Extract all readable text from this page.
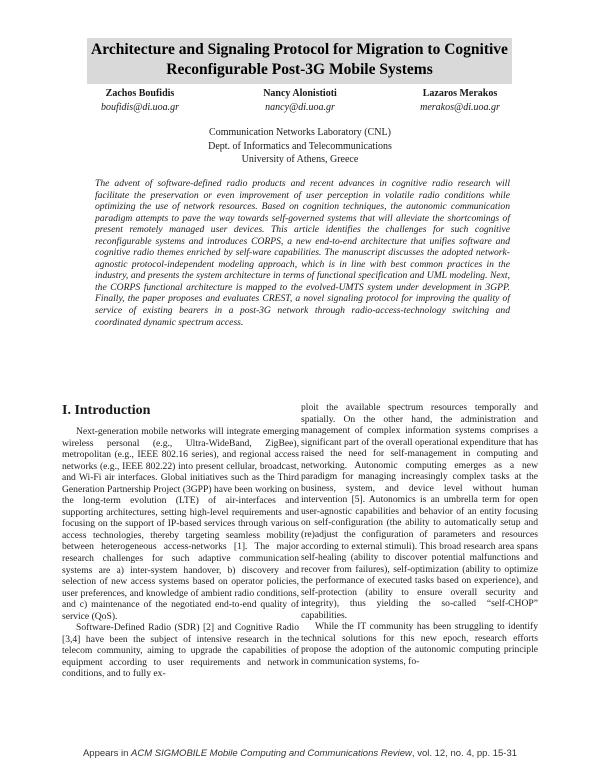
Architecture and Signaling Protocol for Migration to Cognitive Reconfigurable Post-3G Mobile Systems
Zachos Boufidis
boufidis@di.uoa.gr
Nancy Alonistioti
nancy@di.uoa.gr
Lazaros Merakos
merakos@di.uoa.gr
Communication Networks Laboratory (CNL)
Dept. of Informatics and Telecommunications
University of Athens, Greece

The advent of software-defined radio products and recent advances in cognitive radio research will facilitate the preservation or even improvement of user perception in volatile radio conditions while optimizing the use of network resources. Based on cognition techniques, the autonomic communication paradigm attempts to pave the way towards self-governed systems that will alleviate the shortcomings of present remotely managed user devices. This article identifies the challenges for such cognitive reconfigurable systems and introduces CORPS, a new end-to-end architecture that unifies software and cognitive radio themes enriched by self-ware capabilities. The manuscript discusses the adopted network-agnostic protocol-independent modeling approach, which is in line with best common practices in the industry, and presents the system architecture in terms of functional specification and UML modeling. Next, the CORPS functional architecture is mapped to the evolved-UMTS system under development in 3GPP. Finally, the paper proposes and evaluates CREST, a novel signaling protocol for improving the quality of service of existing bearers in a post-3G network through radio-access-technology switching and coordinated dynamic spectrum access.

I. Introduction

Next-generation mobile networks will integrate emerging wireless personal (e.g., Ultra-WideBand, ZigBee), metropolitan (e.g., IEEE 802.16 series), and regional access networks (e.g., IEEE 802.22) into present cellular, broadcast, and Wi-Fi air interfaces. Global initiatives such as the Third Generation Partnership Project (3GPP) have been working on the long-term evolution (LTE) of air-interfaces and supporting architectures, setting high-level requirements and focusing on the support of IP-based services through various access technologies, thereby targeting seamless mobility between heterogeneous access-networks [1]. The major research challenges for such adaptive communication systems are a) inter-system handover, b) discovery and selection of new access systems based on operator policies, user preferences, and knowledge of ambient radio conditions, and c) maintenance of the negotiated end-to-end quality of service (QoS).

Software-Defined Radio (SDR) [2] and Cognitive Radio [3,4] have been the subject of intensive research in the telecom community, aiming to upgrade the capabilities of equipment according to user requirements and network conditions, and to fully ex-

ploit the available spectrum resources temporally and spatially. On the other hand, the administration and management of complex information systems comprises a significant part of the overall operational expenditure that has raised the need for self-management in computing and networking. Autonomic computing emerges as a new paradigm for managing increasingly complex tasks at the business, system, and device level without human intervention [5]. Autonomics is an umbrella term for open user-agnostic capabilities and behavior of an entity focusing on self-configuration (the ability to automatically setup and (re)adjust the configuration of parameters and resources according to external stimuli). This broad research area spans self-healing (ability to discover potential malfunctions and recover from failures), self-optimization (ability to optimize the performance of executed tasks based on experience), and self-protection (ability to ensure overall security and integrity), thus yielding the so-called “self-CHOP” capabilities.

While the IT community has been struggling to identify technical solutions for this new epoch, research efforts propose the adoption of the autonomic computing principle in communication systems, fo-

Appears in ACM SIGMOBILE Mobile Computing and Communications Review, vol. 12, no. 4, pp. 15-31
